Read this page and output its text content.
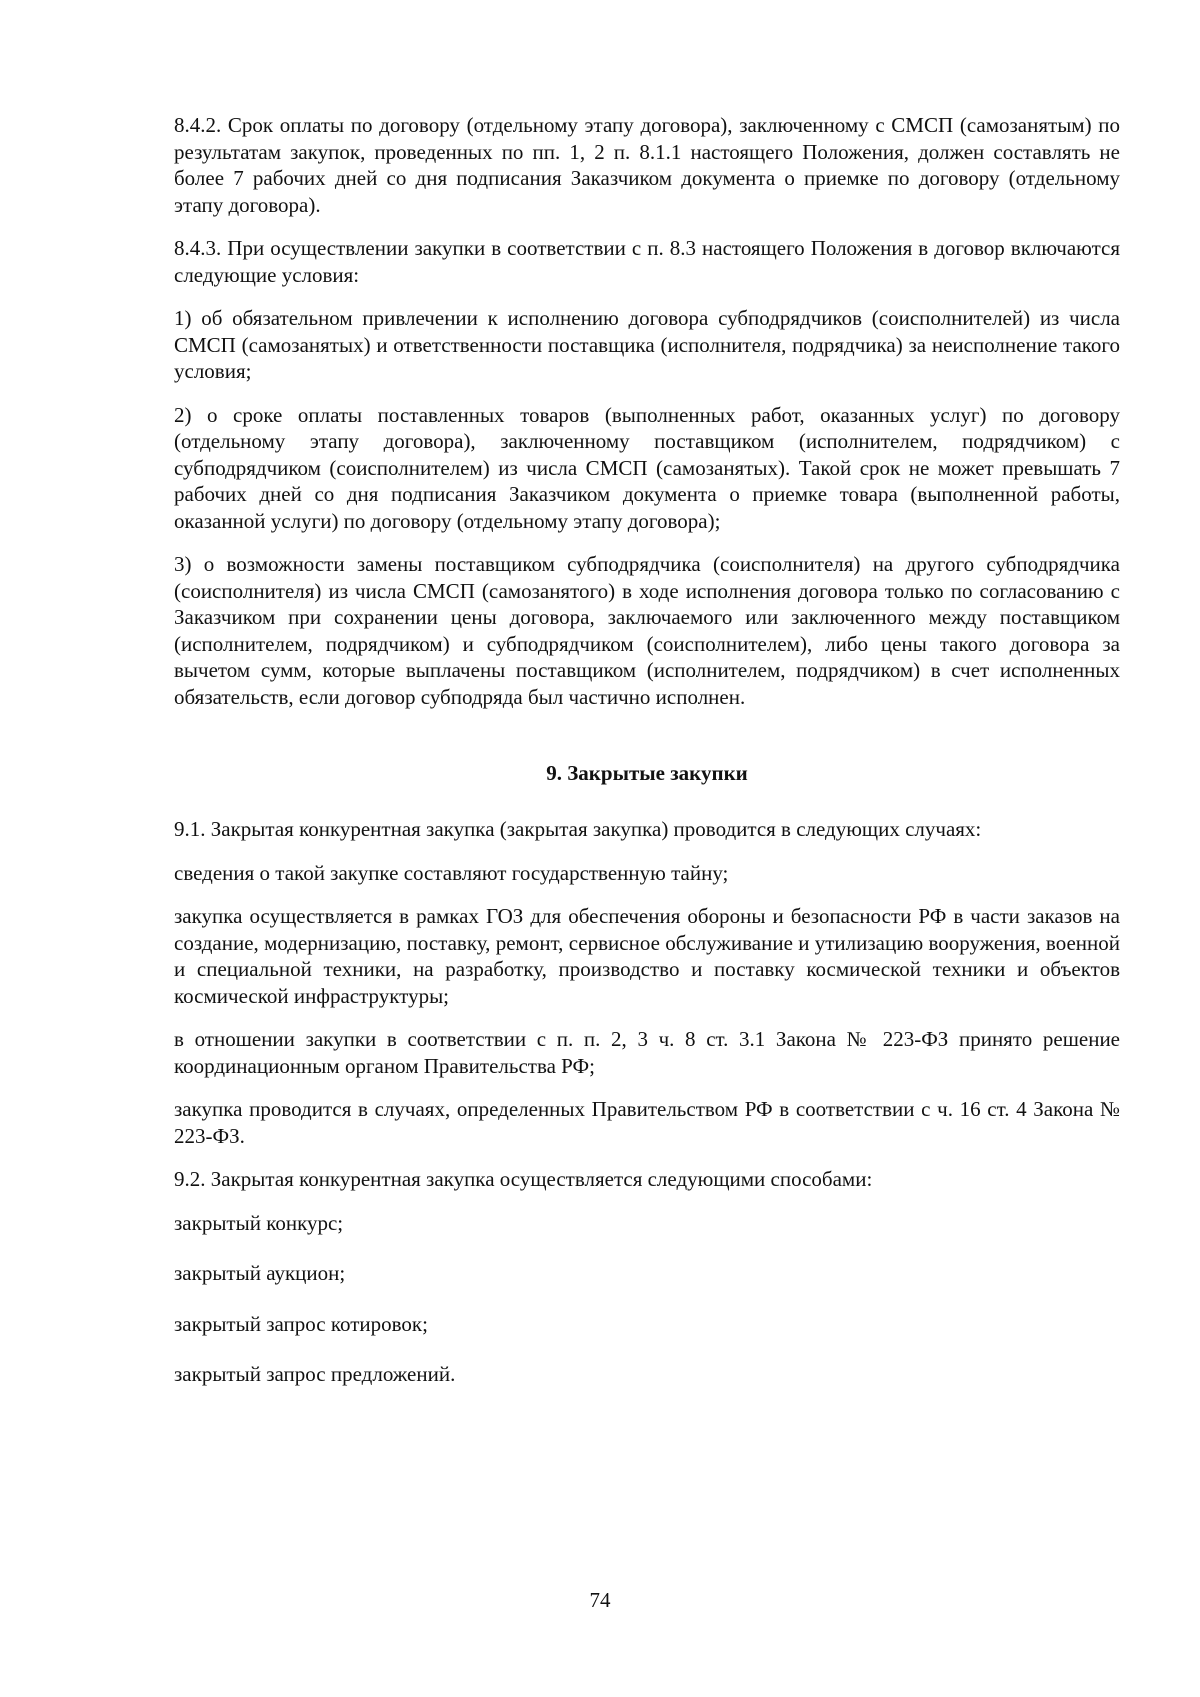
8.4.2. Срок оплаты по договору (отдельному этапу договора), заключенному с СМСП (самозанятым) по результатам закупок, проведенных по пп. 1, 2 п. 8.1.1 настоящего Положения, должен составлять не более 7 рабочих дней со дня подписания Заказчиком документа о приемке по договору (отдельному этапу договора).

8.4.3. При осуществлении закупки в соответствии с п. 8.3 настоящего Положения в договор включаются следующие условия:

1) об обязательном привлечении к исполнению договора субподрядчиков (соисполнителей) из числа СМСП (самозанятых) и ответственности поставщика (исполнителя, подрядчика) за неисполнение такого условия;

2) о сроке оплаты поставленных товаров (выполненных работ, оказанных услуг) по договору (отдельному этапу договора), заключенному поставщиком (исполнителем, подрядчиком) с субподрядчиком (соисполнителем) из числа СМСП (самозанятых). Такой срок не может превышать 7 рабочих дней со дня подписания Заказчиком документа о приемке товара (выполненной работы, оказанной услуги) по договору (отдельному этапу договора);

3) о возможности замены поставщиком субподрядчика (соисполнителя) на другого субподрядчика (соисполнителя) из числа СМСП (самозанятого) в ходе исполнения договора только по согласованию с Заказчиком при сохранении цены договора, заключаемого или заключенного между поставщиком (исполнителем, подрядчиком) и субподрядчиком (соисполнителем), либо цены такого договора за вычетом сумм, которые выплачены поставщиком (исполнителем, подрядчиком) в счет исполненных обязательств, если договор субподряда был частично исполнен.

9. Закрытые закупки

9.1. Закрытая конкурентная закупка (закрытая закупка) проводится в следующих случаях:

сведения о такой закупке составляют государственную тайну;

закупка осуществляется в рамках ГОЗ для обеспечения обороны и безопасности РФ в части заказов на создание, модернизацию, поставку, ремонт, сервисное обслуживание и утилизацию вооружения, военной и специальной техники, на разработку, производство и поставку космической техники и объектов космической инфраструктуры;

в отношении закупки в соответствии с п. п. 2, 3 ч. 8 ст. 3.1 Закона № 223-ФЗ принято решение координационным органом Правительства РФ;

закупка проводится в случаях, определенных Правительством РФ в соответствии с ч. 16 ст. 4 Закона № 223-ФЗ.

9.2. Закрытая конкурентная закупка осуществляется следующими способами:

закрытый конкурс;

закрытый аукцион;

закрытый запрос котировок;

закрытый запрос предложений.

74
